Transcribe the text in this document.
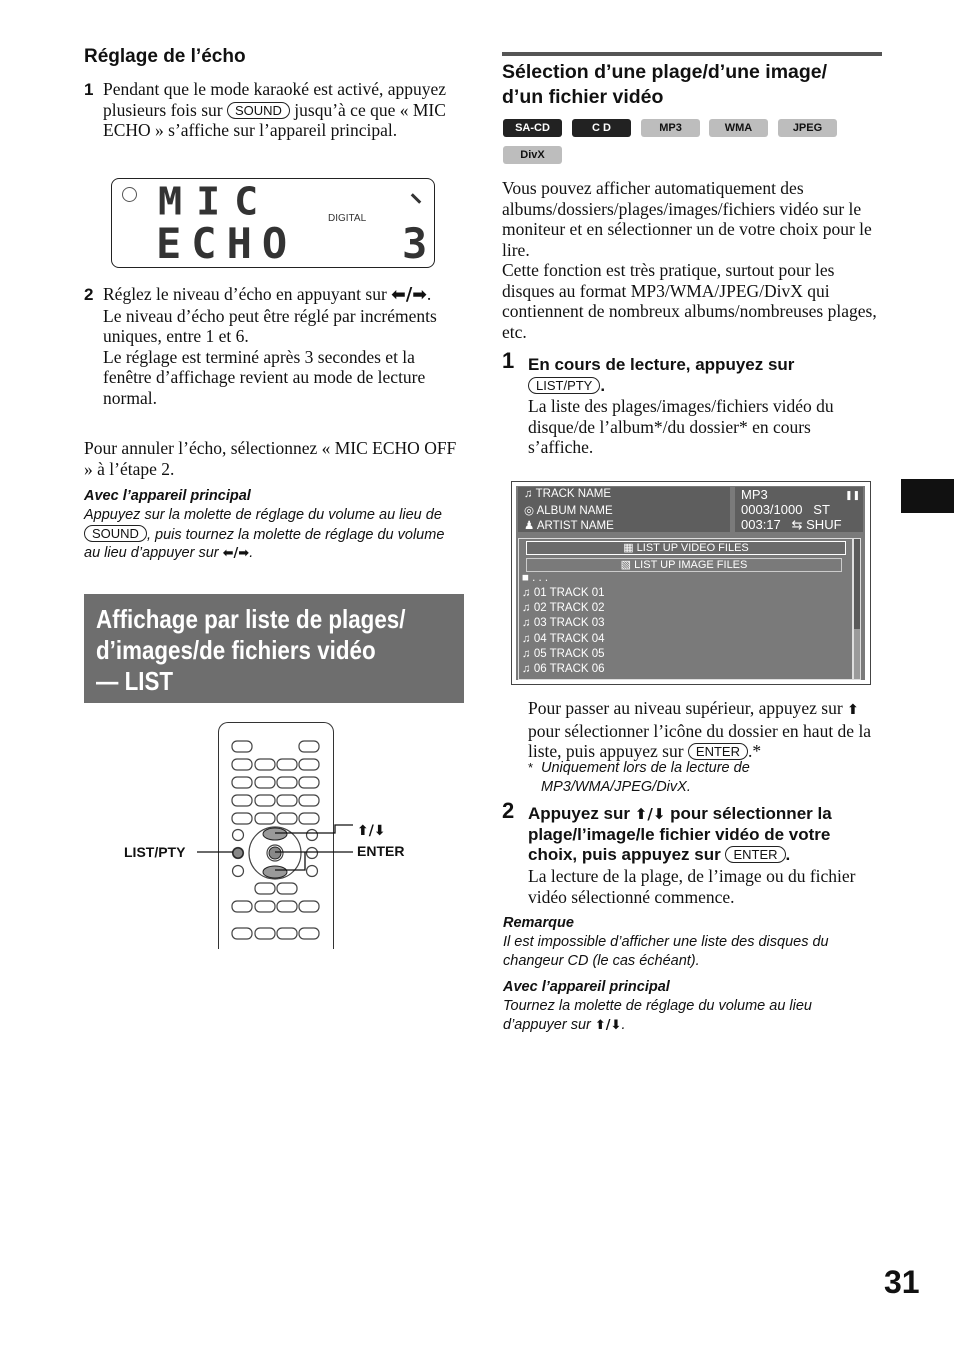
Réglage de l’écho
1 Pendant que le mode karaoké est activé, appuyez plusieurs fois sur SOUND jusqu’à ce que « MIC ECHO » s’affiche sur l’appareil principal.

MIC
ECHO 3
DIGITAL
2 Réglez le niveau d’écho en appuyant sur ⬅/➡.
Le niveau d’écho peut être réglé par incréments uniques, entre 1 et 6.
Le réglage est terminé après 3 secondes et la fenêtre d’affichage revient au mode de lecture normal.

Pour annuler l’écho, sélectionnez « MIC ECHO OFF » à l’étape 2.

Avec l’appareil principal

Appuyez sur la molette de réglage du volume au lieu de SOUND , puis tournez la molette de réglage du volume au lieu d’appuyer sur ⬅/➡.

Affichage par liste de plages/
d’images/de fichiers vidéo
— LIST
LIST/PTY
⬆/⬇
ENTER
Sélection d’une plage/d’une image/
d’un fichier vidéo
SA-CD	C D	MP3	WMA	JPEG
DivX

Vous pouvez afficher automatiquement des albums/dossiers/plages/images/fichiers vidéo sur le moniteur et en sélectionner un de votre choix pour le lire.
Cette fonction est très pratique, surtout pour les disques au format MP3/WMA/JPEG/DivX qui contiennent de nombreux albums/nombreuses plages, etc.

1 En cours de lecture, appuyez sur
LIST/PTY .

La liste des plages/images/fichiers vidéo du disque/de l’album*/du dossier* en cours s’affiche.

♫ TRACK NAME
◎ ALBUM NAME
♟ ARTIST NAME
MP3	❚❚
0003/1000 ST
003:17 ⇆ SHUF
▦ LIST UP VIDEO FILES
▧ LIST UP IMAGE FILES
■ . . .
♫ 01 TRACK 01
♫ 02 TRACK 02
♫ 03 TRACK 03
♫ 04 TRACK 04
♫ 05 TRACK 05
♫ 06 TRACK 06

Pour passer au niveau supérieur, appuyez sur ⬆ pour sélectionner l’icône du dossier en haut de la liste, puis appuyez sur ENTER .*

* Uniquement lors de la lecture de MP3/WMA/JPEG/DivX.
2 Appuyez sur ⬆/⬇ pour sélectionner la plage/l’image/le fichier vidéo de votre choix, puis appuyez sur ENTER .

La lecture de la plage, de l’image ou du fichier vidéo sélectionné commence.

Remarque
Il est impossible d’afficher une liste des disques du changeur CD (le cas échéant).
Avec l’appareil principal
Tournez la molette de réglage du volume au lieu d’appuyer sur ⬆/⬇.
31
